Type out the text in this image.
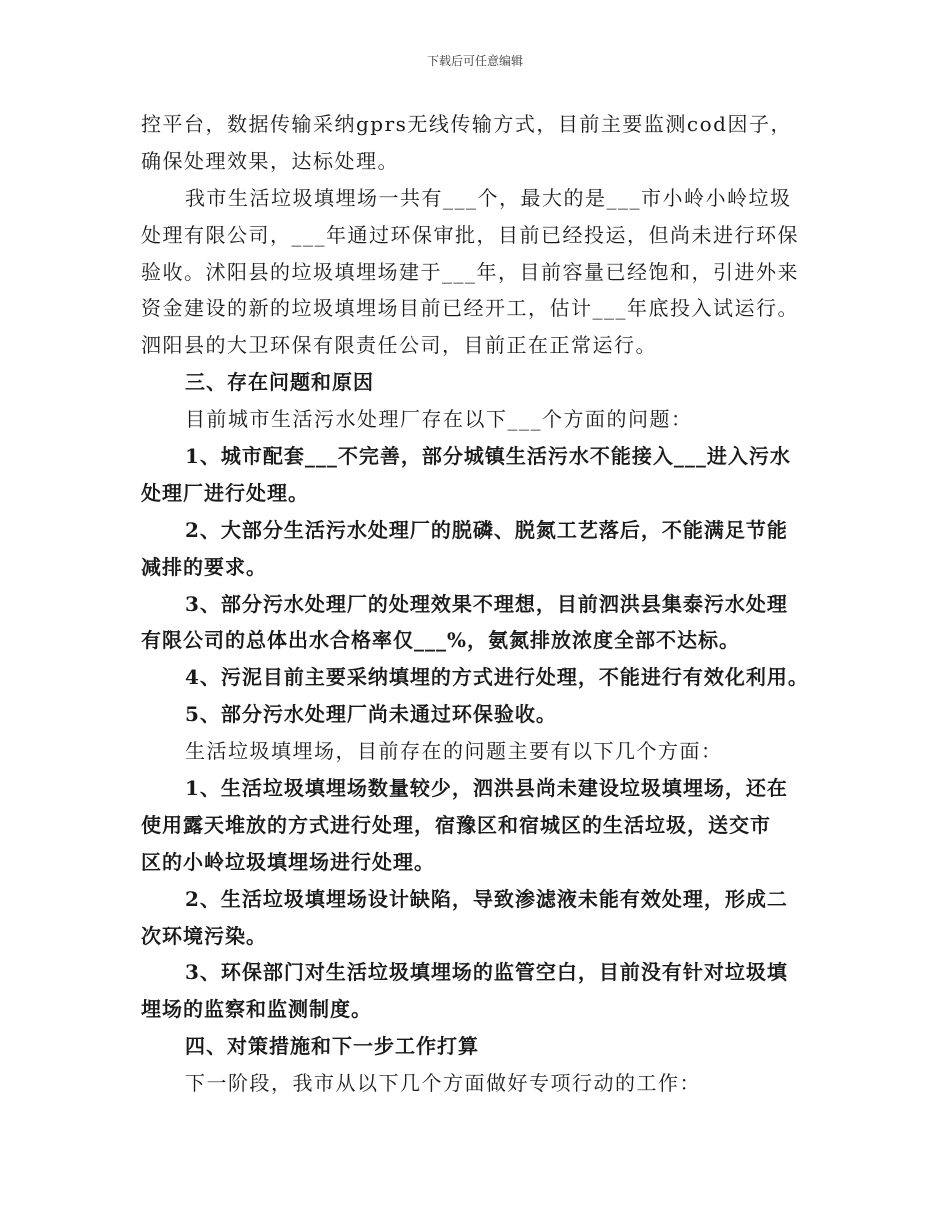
下载后可任意编辑
控平台，数据传输采纳gprs无线传输方式，目前主要监测cod因子，
确保处理效果，达标处理。
我市生活垃圾填埋场一共有___个，最大的是___市小岭小岭垃圾
处理有限公司，___年通过环保审批，目前已经投运，但尚未进行环保
验收。沭阳县的垃圾填埋场建于___年，目前容量已经饱和，引进外来
资金建设的新的垃圾填埋场目前已经开工，估计___年底投入试运行。
泗阳县的大卫环保有限责任公司，目前正在正常运行。
三、存在问题和原因
目前城市生活污水处理厂存在以下___个方面的问题：
1、城市配套___不完善，部分城镇生活污水不能接入___进入污水
处理厂进行处理。
2、大部分生活污水处理厂的脱磷、脱氮工艺落后，不能满足节能
减排的要求。
3、部分污水处理厂的处理效果不理想，目前泗洪县集泰污水处理
有限公司的总体出水合格率仅___%，氨氮排放浓度全部不达标。
4、污泥目前主要采纳填埋的方式进行处理，不能进行有效化利用。
5、部分污水处理厂尚未通过环保验收。
生活垃圾填埋场，目前存在的问题主要有以下几个方面：
1、生活垃圾填埋场数量较少，泗洪县尚未建设垃圾填埋场，还在
使用露天堆放的方式进行处理，宿豫区和宿城区的生活垃圾，送交市
区的小岭垃圾填埋场进行处理。
2、生活垃圾填埋场设计缺陷，导致渗滤液未能有效处理，形成二
次环境污染。
3、环保部门对生活垃圾填埋场的监管空白，目前没有针对垃圾填
埋场的监察和监测制度。
四、对策措施和下一步工作打算
下一阶段，我市从以下几个方面做好专项行动的工作：
